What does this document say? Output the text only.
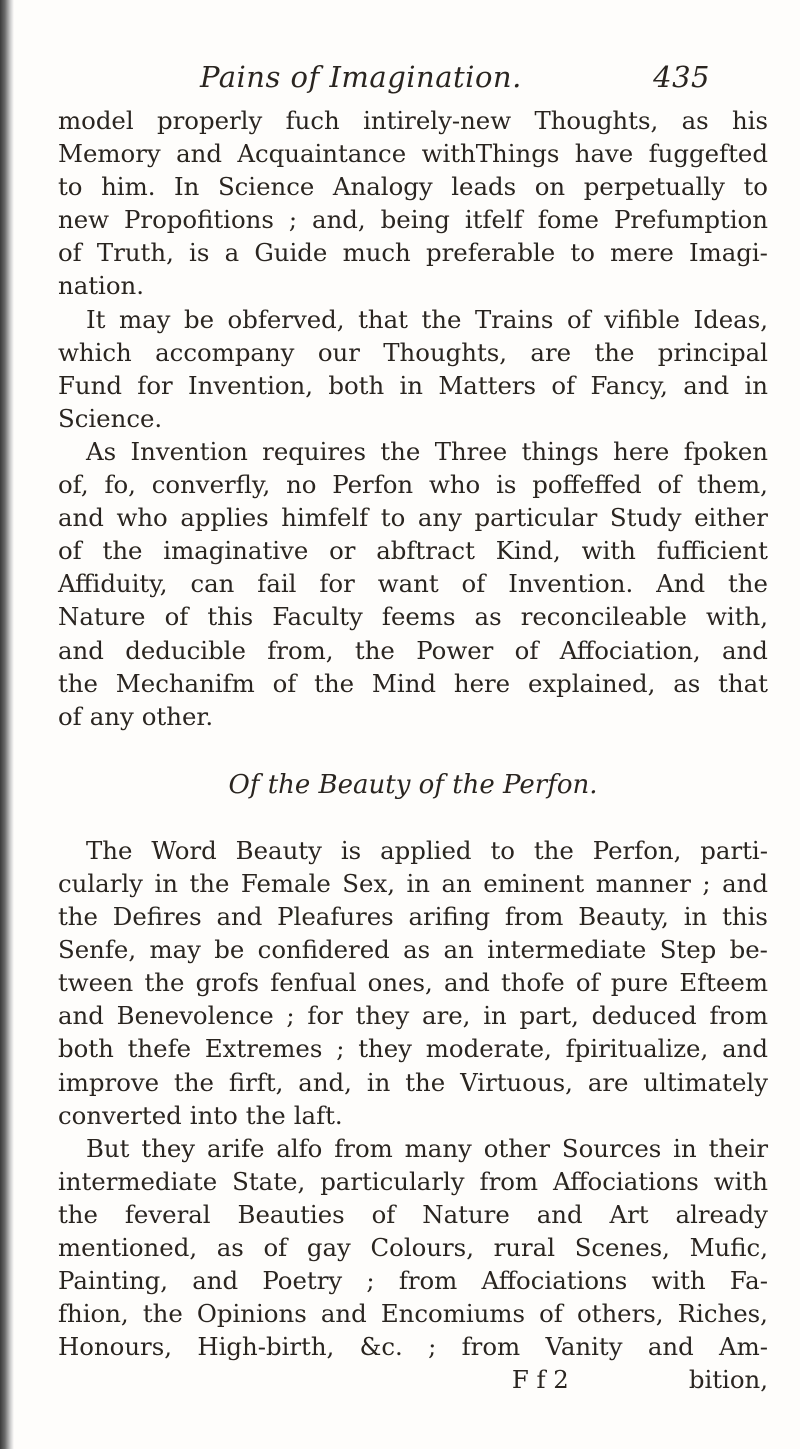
Pains of Imagination.	435
model properly fuch intirely-new Thoughts, as his
Memory and Acquaintance withThings have fuggefted
to him. In Science Analogy leads on perpetually to
new Propofitions ; and, being itfelf fome Prefumption
of Truth, is a Guide much preferable to mere Imagi-
nation.
It may be obferved, that the Trains of vifible Ideas,
which accompany our Thoughts, are the principal
Fund for Invention, both in Matters of Fancy, and in
Science.
As Invention requires the Three things here fpoken
of, fo, converfly, no Perfon who is poffeffed of them,
and who applies himfelf to any particular Study either
of the imaginative or abftract Kind, with fufficient
Affiduity, can fail for want of Invention. And the
Nature of this Faculty feems as reconcileable with,
and deducible from, the Power of Affociation, and
the Mechanifm of the Mind here explained, as that
of any other.
Of the Beauty of the Perfon.
The Word Beauty is applied to the Perfon, parti-
cularly in the Female Sex, in an eminent manner ; and
the Defires and Pleafures arifing from Beauty, in this
Senfe, may be confidered as an intermediate Step be-
tween the grofs fenfual ones, and thofe of pure Efteem
and Benevolence ; for they are, in part, deduced from
both thefe Extremes ; they moderate, fpiritualize, and
improve the firft, and, in the Virtuous, are ultimately
converted into the laft.
But they arife alfo from many other Sources in their
intermediate State, particularly from Affociations with
the feveral Beauties of Nature and Art already
mentioned, as of gay Colours, rural Scenes, Mufic,
Painting, and Poetry ; from Affociations with Fa-
fhion, the Opinions and Encomiums of others, Riches,
Honours, High-birth, &c. ; from Vanity and Am-
F f 2	bition,
